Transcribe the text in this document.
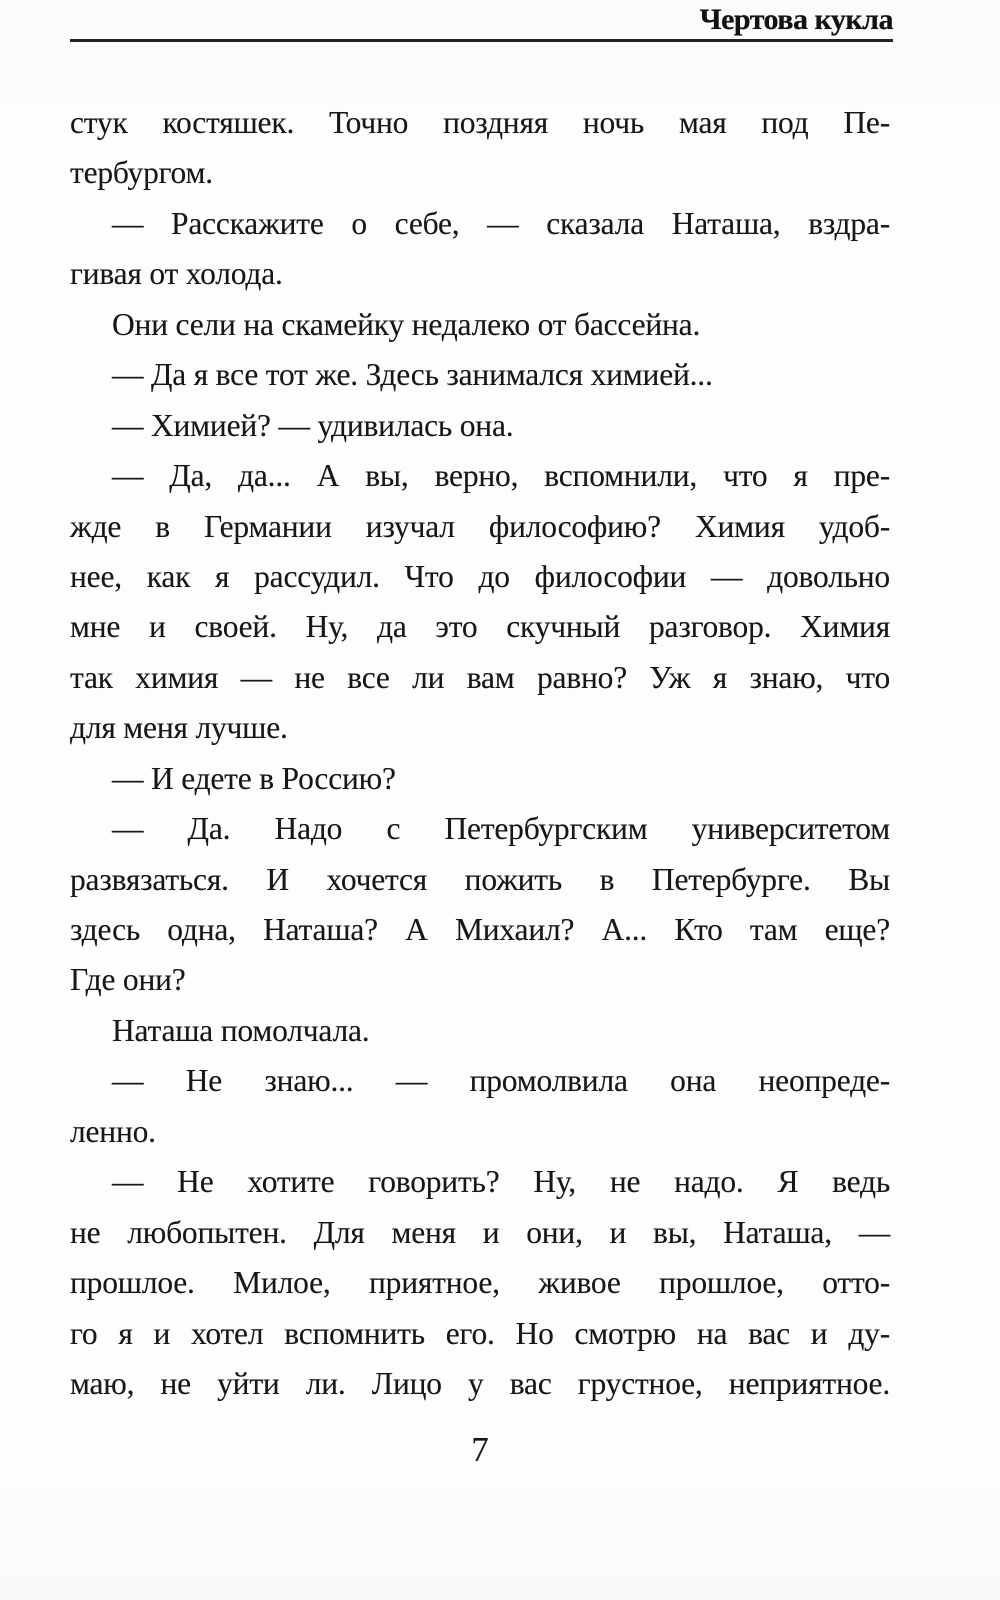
Чертова кукла
стук костяшек. Точно поздняя ночь мая под Пе-
тербургом.
— Расскажите о себе, — сказала Наташа, вздра-
гивая от холода.
Они сели на скамейку недалеко от бассейна.
— Да я все тот же. Здесь занимался химией...
— Химией? — удивилась она.
— Да, да... А вы, верно, вспомнили, что я пре-
жде в Германии изучал философию? Химия удоб-
нее, как я рассудил. Что до философии — довольно
мне и своей. Ну, да это скучный разговор. Химия
так химия — не все ли вам равно? Уж я знаю, что
для меня лучше.
— И едете в Россию?
— Да. Надо с Петербургским университетом
развязаться. И хочется пожить в Петербурге. Вы
здесь одна, Наташа? А Михаил? А... Кто там еще?
Где они?
Наташа помолчала.
— Не знаю... — промолвила она неопреде-
ленно.
— Не хотите говорить? Ну, не надо. Я ведь
не любопытен. Для меня и они, и вы, Наташа, —
прошлое. Милое, приятное, живое прошлое, отто-
го я и хотел вспомнить его. Но смотрю на вас и ду-
маю, не уйти ли. Лицо у вас грустное, неприятное.
7
